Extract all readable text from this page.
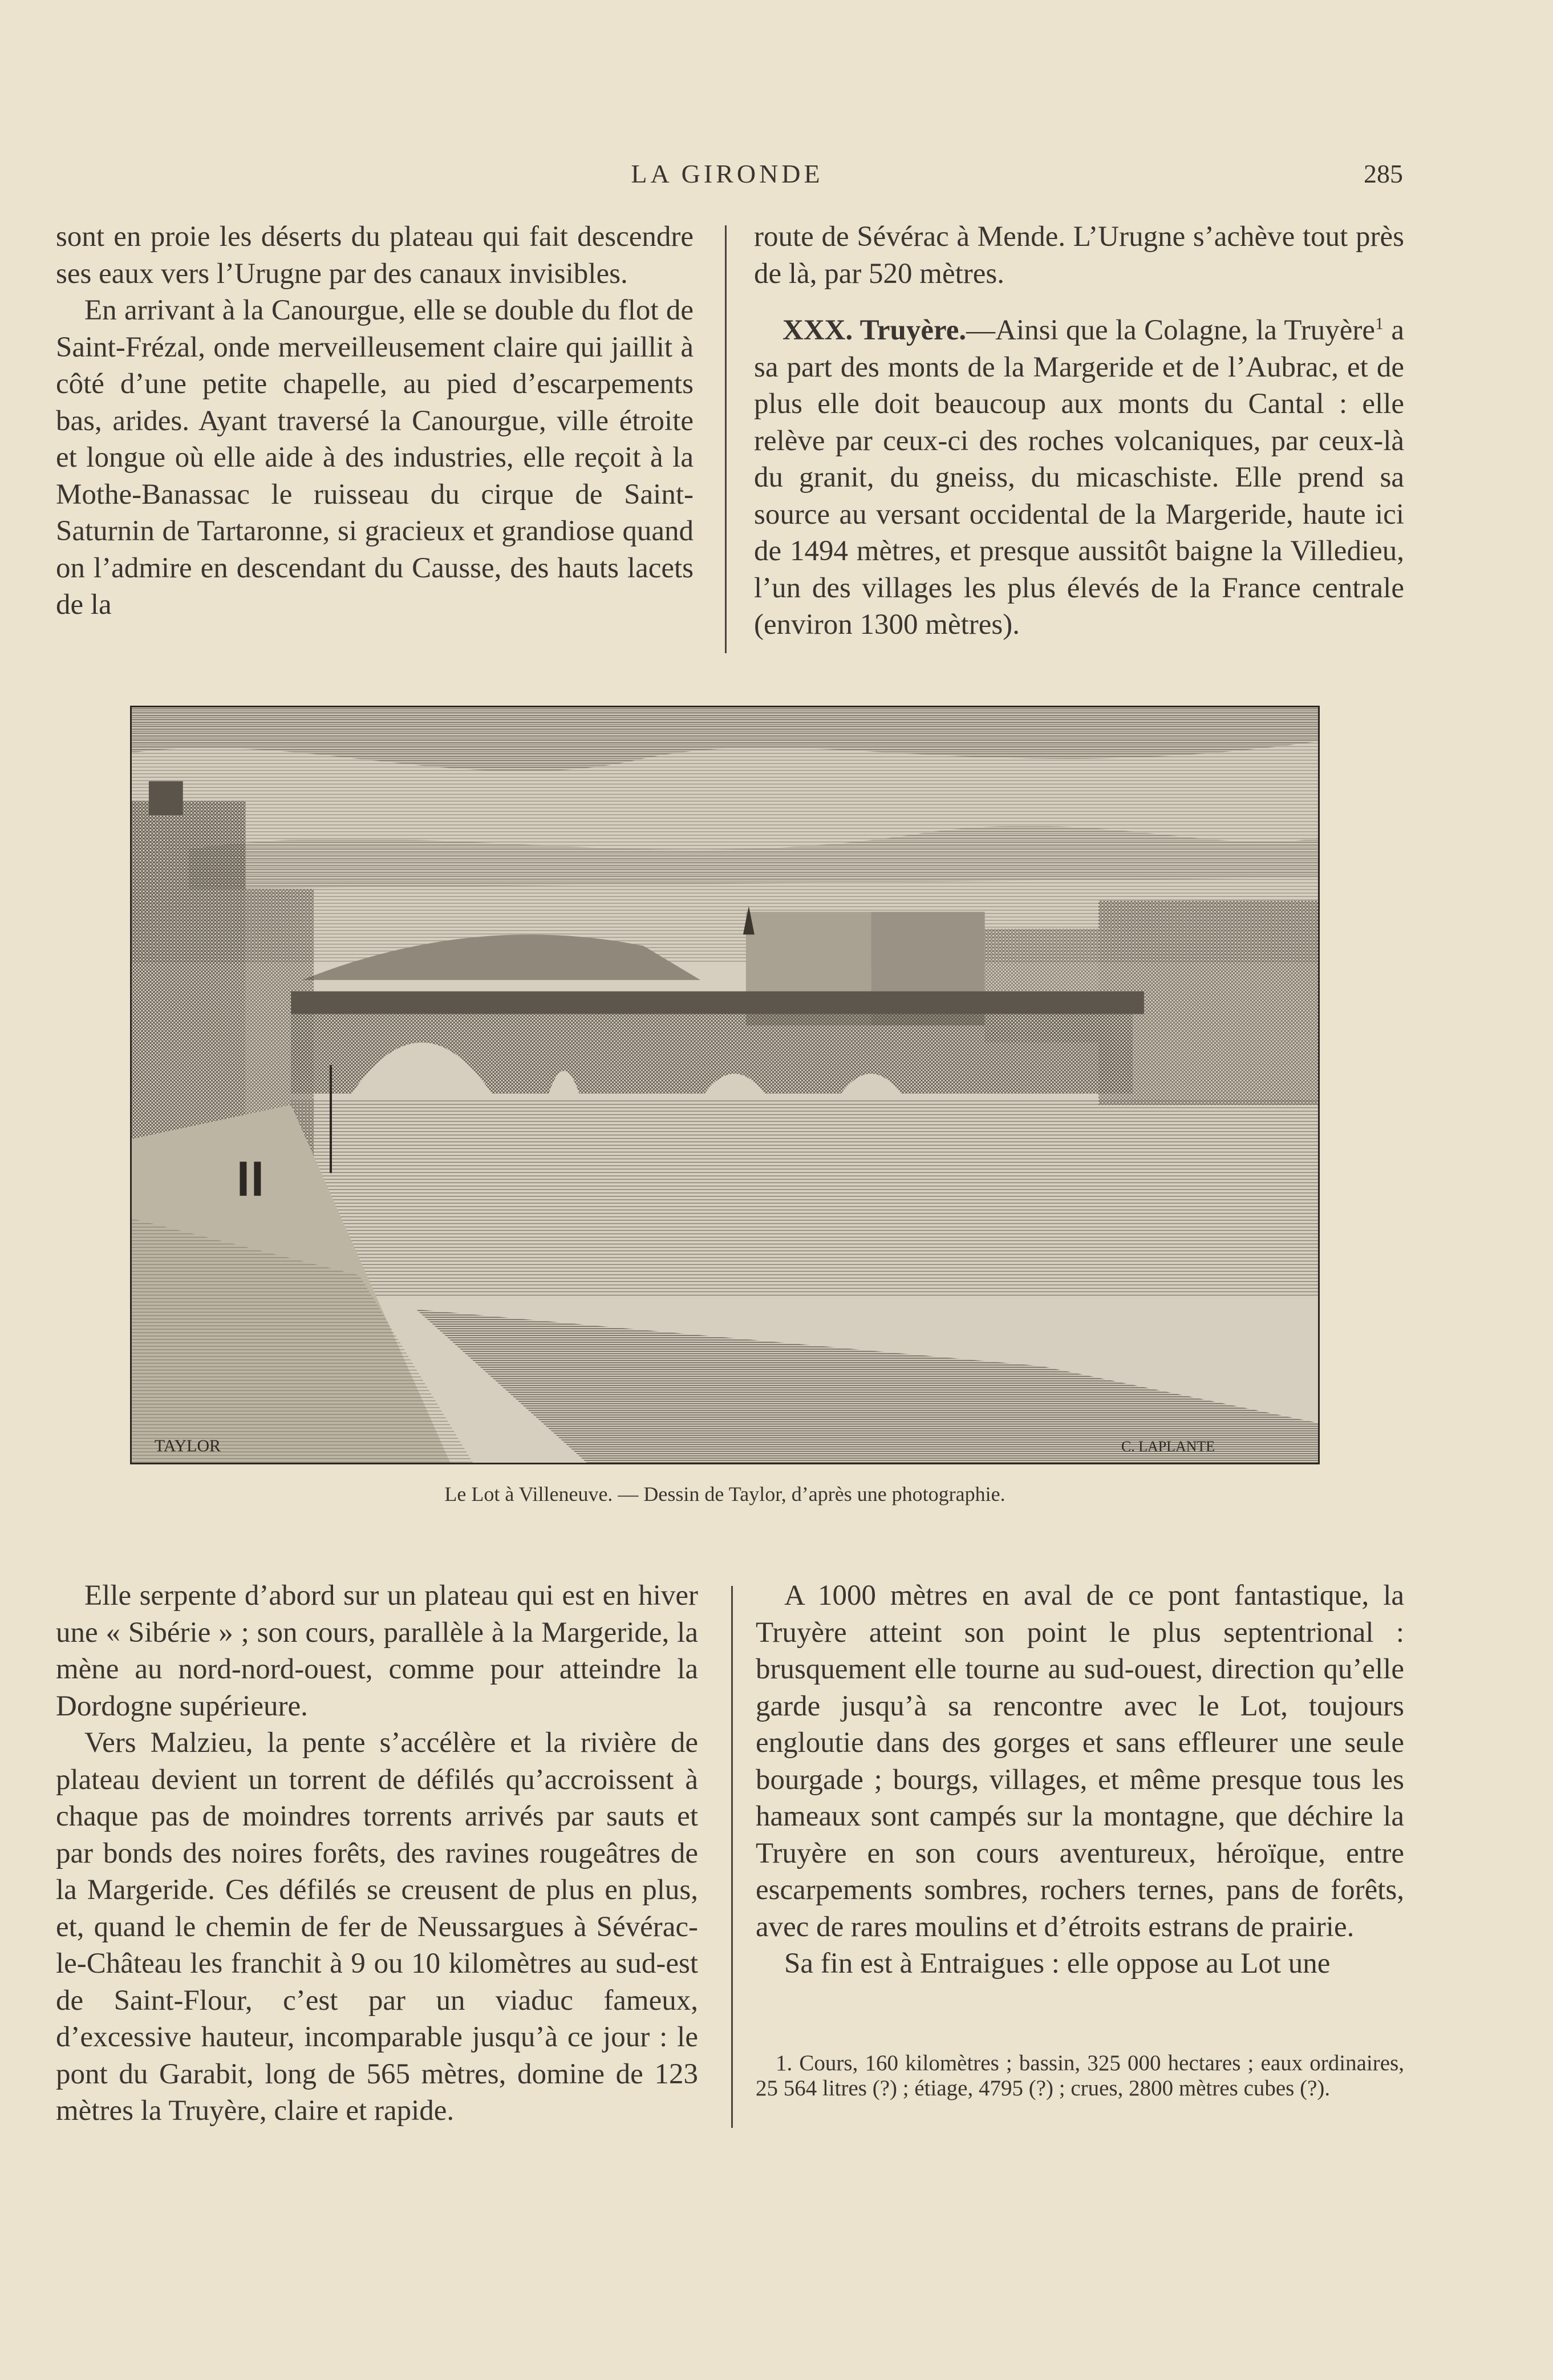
LA GIRONDE	285

sont en proie les déserts du plateau qui fait descendre ses eaux vers l’Urugne par des canaux invisibles.

En arrivant à la Canourgue, elle se double du flot de Saint-Frézal, onde merveilleusement claire qui jaillit à côté d’une petite chapelle, au pied d’escarpements bas, arides. Ayant traversé la Canourgue, ville étroite et longue où elle aide à des industries, elle reçoit à la Mothe-Banassac le ruisseau du cirque de Saint-Saturnin de Tartaronne, si gracieux et grandiose quand on l’admire en descendant du Causse, des hauts lacets de la

route de Sévérac à Mende. L’Urugne s’achève tout près de là, par 520 mètres.

XXX. Truyère.—Ainsi que la Colagne, la Truyère$^1$ a sa part des monts de la Margeride et de l’Aubrac, et de plus elle doit beaucoup aux monts du Cantal : elle relève par ceux-ci des roches volcaniques, par ceux-là du granit, du gneiss, du micaschiste. Elle prend sa source au versant occidental de la Margeride, haute ici de 1494 mètres, et presque aussitôt baigne la Villedieu, l’un des villages les plus élevés de la France centrale (environ 1300 mètres).

TAYLOR	C. LAPLANTE
Le Lot à Villeneuve. — Dessin de Taylor, d’après une photographie.

Elle serpente d’abord sur un plateau qui est en hiver une « Sibérie » ; son cours, parallèle à la Margeride, la mène au nord-nord-ouest, comme pour atteindre la Dordogne supérieure.

Vers Malzieu, la pente s’accélère et la rivière de plateau devient un torrent de défilés qu’accroissent à chaque pas de moindres torrents arrivés par sauts et par bonds des noires forêts, des ravines rougeâtres de la Margeride. Ces défilés se creusent de plus en plus, et, quand le chemin de fer de Neussargues à Sévérac-le-Château les franchit à 9 ou 10 kilomètres au sud-est de Saint-Flour, c’est par un viaduc fameux, d’excessive hauteur, incomparable jusqu’à ce jour : le pont du Garabit, long de 565 mètres, domine de 123 mètres la Truyère, claire et rapide.

A 1000 mètres en aval de ce pont fantastique, la Truyère atteint son point le plus septentrional : brusquement elle tourne au sud-ouest, direction qu’elle garde jusqu’à sa rencontre avec le Lot, toujours engloutie dans des gorges et sans effleurer une seule bourgade ; bourgs, villages, et même presque tous les hameaux sont campés sur la montagne, que déchire la Truyère en son cours aventureux, héroïque, entre escarpements sombres, rochers ternes, pans de forêts, avec de rares moulins et d’étroits estrans de prairie.

Sa fin est à Entraigues : elle oppose au Lot une

1. Cours, 160 kilomètres ; bassin, 325 000 hectares ; eaux ordinaires, 25 564 litres (?) ; étiage, 4795 (?) ; crues, 2800 mètres cubes (?).
